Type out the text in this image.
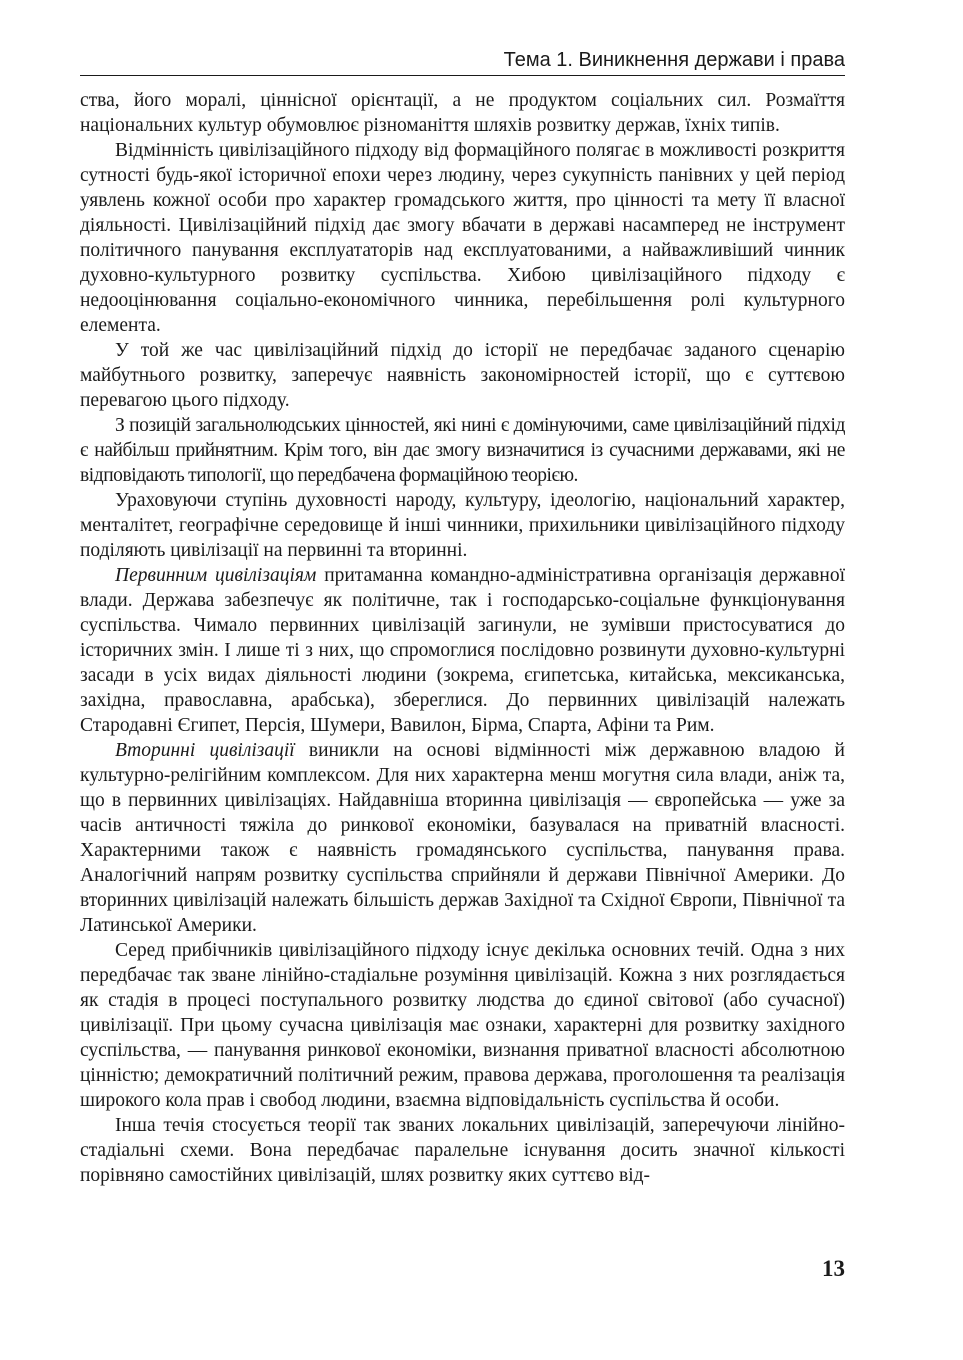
Тема 1. Виникнення держави і права

ства, його моралі, ціннісної орієнтації, а не продуктом соціальних сил. Розмаїття національних культур обумовлює різноманіття шляхів розвитку держав, їхніх типів.

Відмінність цивілізаційного підходу від формаційного полягає в можливості розкриття сутності будь-якої історичної епохи через людину, через сукупність панівних у цей період уявлень кожної особи про характер громадського життя, про цінності та мету її власної діяльності. Цивілізаційний підхід дає змогу вбачати в державі насамперед не інструмент політичного панування експлуататорів над експлуатованими, а найважливіший чинник духовно-культурного розвитку суспільства. Хибою цивілізаційного підходу є недооцінювання соціально-економічного чинника, перебільшення ролі культурного елемента.

У той же час цивілізаційний підхід до історії не передбачає заданого сценарію майбутнього розвитку, заперечує наявність закономірностей історії, що є суттєвою перевагою цього підходу.

З позицій загальнолюдських цінностей, які нині є домінуючими, саме цивілізаційний підхід є найбільш прийнятним. Крім того, він дає змогу визначитися із сучасними державами, які не відповідають типології, що передбачена формаційною теорією.

Ураховуючи ступінь духовності народу, культуру, ідеологію, національний характер, менталітет, географічне середовище й інші чинники, прихильники цивілізаційного підходу поділяють цивілізації на первинні та вторинні.

Первинним цивілізаціям притаманна командно-адміністративна організація державної влади. Держава забезпечує як політичне, так і господарсько-соціальне функціонування суспільства. Чимало первинних цивілізацій загинули, не зумівши пристосуватися до історичних змін. І лише ті з них, що спромоглися послідовно розвинути духовно-культурні засади в усіх видах діяльності людини (зокрема, єгипетська, китайська, мексиканська, західна, православна, арабська), збереглися. До первинних цивілізацій належать Стародавні Єгипет, Персія, Шумери, Вавилон, Бірма, Спарта, Афіни та Рим.

Вторинні цивілізації виникли на основі відмінності між державною владою й культурно-релігійним комплексом. Для них характерна менш могутня сила влади, аніж та, що в первинних цивілізаціях. Найдавніша вторинна цивілізація — європейська — уже за часів античності тяжіла до ринкової економіки, базувалася на приватній власності. Характерними також є наявність громадянського суспільства, панування права. Аналогічний напрям розвитку суспільства сприйняли й держави Північної Америки. До вторинних цивілізацій належать більшість держав Західної та Східної Європи, Північної та Латинської Америки.

Серед прибічників цивілізаційного підходу існує декілька основних течій. Одна з них передбачає так зване лінійно-стадіальне розуміння цивілізацій. Кожна з них розглядається як стадія в процесі поступального розвитку людства до єдиної світової (або сучасної) цивілізації. При цьому сучасна цивілізація має ознаки, характерні для розвитку західного суспільства, — панування ринкової економіки, визнання приватної власності абсолютною цінністю; демократичний політичний режим, правова держава, проголошення та реалізація широкого кола прав і свобод людини, взаємна відповідальність суспільства й особи.

Інша течія стосується теорії так званих локальних цивілізацій, заперечуючи лінійно-стадіальні схеми. Вона передбачає паралельне існування досить значної кількості порівняно самостійних цивілізацій, шлях розвитку яких суттєво від-

13
